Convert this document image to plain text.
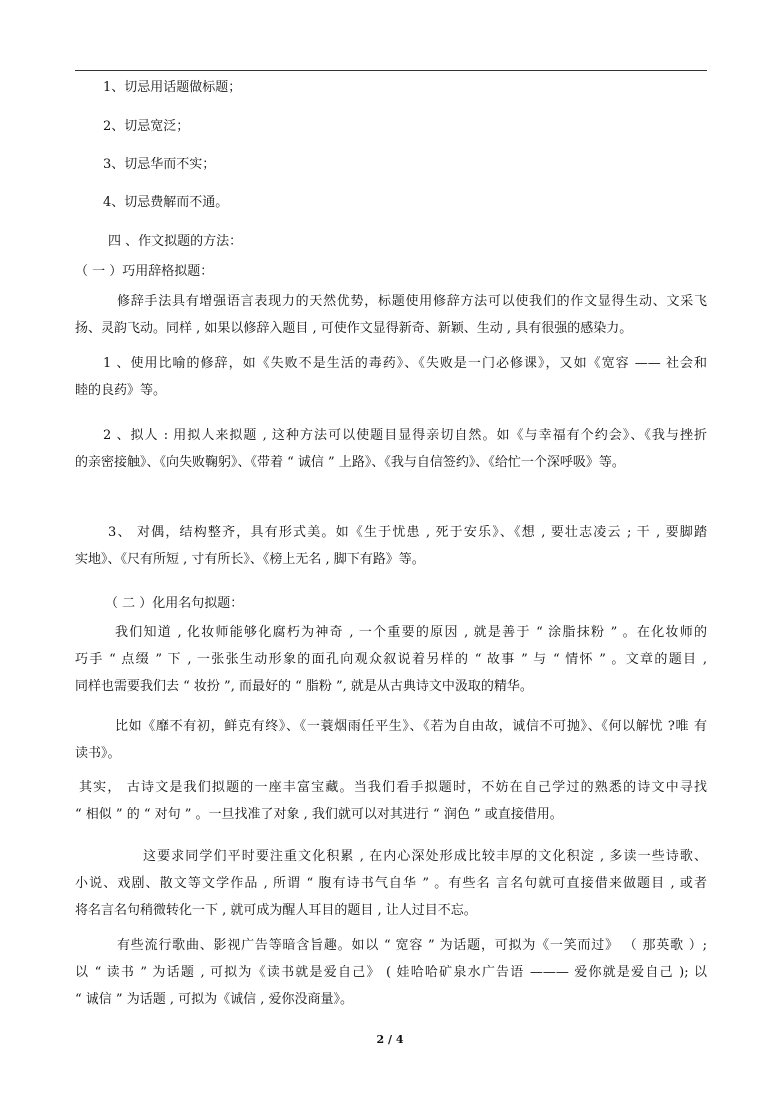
1、切忌用话题做标题；
2、切忌宽泛；
3、切忌华而不实；
4、切忌费解而不通。
四 、作文拟题的方法：
（ 一 ）巧用辞格拟题：
修辞手法具有增强语言表现力的天然优势，标题使用修辞方法可以使我们的作文显得生动、文采飞
扬、灵韵飞动。同样 , 如果以修辞入题目 , 可使作文显得新奇、新颖、生动 , 具有很强的感染力。
1 、使用比喻的修辞，如《失败不是生活的毒药》、《失败是一门必修课》，又如《宽容 —— 社会和
睦的良药》等。
2 、拟人 : 用拟人来拟题 , 这种方法可以使题目显得亲切自然。如《与幸福有个约会》、《我与挫折
的亲密接触》、《向失败鞠躬》、《带着 “ 诚信 ” 上路》、《我与自信签约》、《给忙一个深呼吸》等。
3、 对偶，结构整齐，具有形式美。如《生于忧患 , 死于安乐》、《想 , 要壮志凌云 ; 干 , 要脚踏
实地》、《尺有所短 , 寸有所长》、《榜上无名 , 脚下有路》等。
（ 二 ）化用名句拟题：
我们知道 , 化妆师能够化腐朽为神奇 , 一个重要的原因 , 就是善于 “ 涂脂抹粉 ” 。在化妆师的
巧手 “ 点缀 ” 下 , 一张张生动形象的面孔向观众叙说着另样的 “ 故事 ” 与 “ 情怀 ” 。文章的题目 ,
同样也需要我们去 “ 妆扮 ”, 而最好的 “ 脂粉 ”, 就是从古典诗文中汲取的精华。
比如《靡不有初，鲜克有终》、《一蓑烟雨任平生》、《若为自由故，诚信不可抛》、《何以解忧 ?唯 有
读书》。
其实， 古诗文是我们拟题的一座丰富宝藏。当我们看手拟题时，不妨在自己学过的熟悉的诗文中寻找
“ 相似 ” 的 “ 对句 ” 。一旦找准了对象 , 我们就可以对其进行 “ 润色 ” 或直接借用。
这要求同学们平时要注重文化积累 , 在内心深处形成比较丰厚的文化积淀 , 多读一些诗歌、
小说、戏剧、散文等文学作品 , 所谓 “ 腹有诗书气自华 ” 。有些名 言名句就可直接借来做题目 , 或者
将名言名句稍微转化一下 , 就可成为醒人耳目的题目 , 让人过目不忘。
有些流行歌曲、影视广告等暗含旨趣。如以 “ 宽容 ” 为话题，可拟为《一笑而过》 （ 那英歌 ）;
以 “ 读书 ” 为话题 , 可拟为《读书就是爱自己》 ( 娃哈哈矿泉水广告语 ——— 爱你就是爱自己 ); 以
“ 诚信 ” 为话题 , 可拟为《诚信 , 爱你没商量》。
2 / 4
